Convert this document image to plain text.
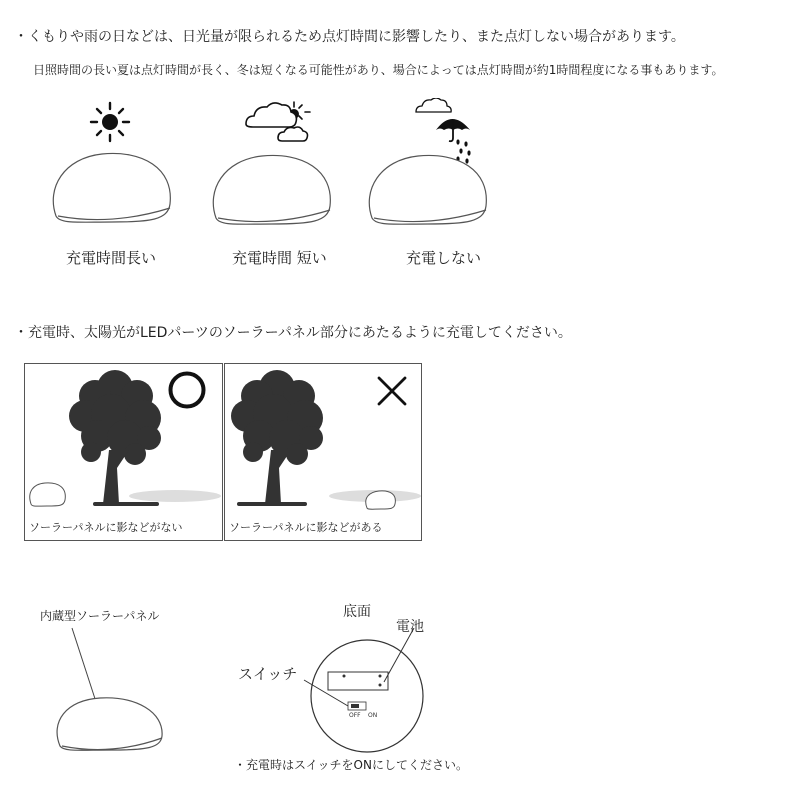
・くもりや雨の日などは、日光量が限られるため点灯時間に影響したり、また点灯しない場合があります。
日照時間の長い夏は点灯時間が長く、冬は短くなる可能性があり、場合によっては点灯時間が約1時間程度になる事もあります。
充電時間長い	充電時間 短い	充電しない
・充電時、太陽光がLEDパーツのソーラーパネル部分にあたるように充電してください。
ソーラーパネルに影などがない	ソーラーパネルに影などがある
内蔵型ソーラーパネル	底面
電池
スイッチ
OFF ON
・充電時はスイッチをONにしてください。
